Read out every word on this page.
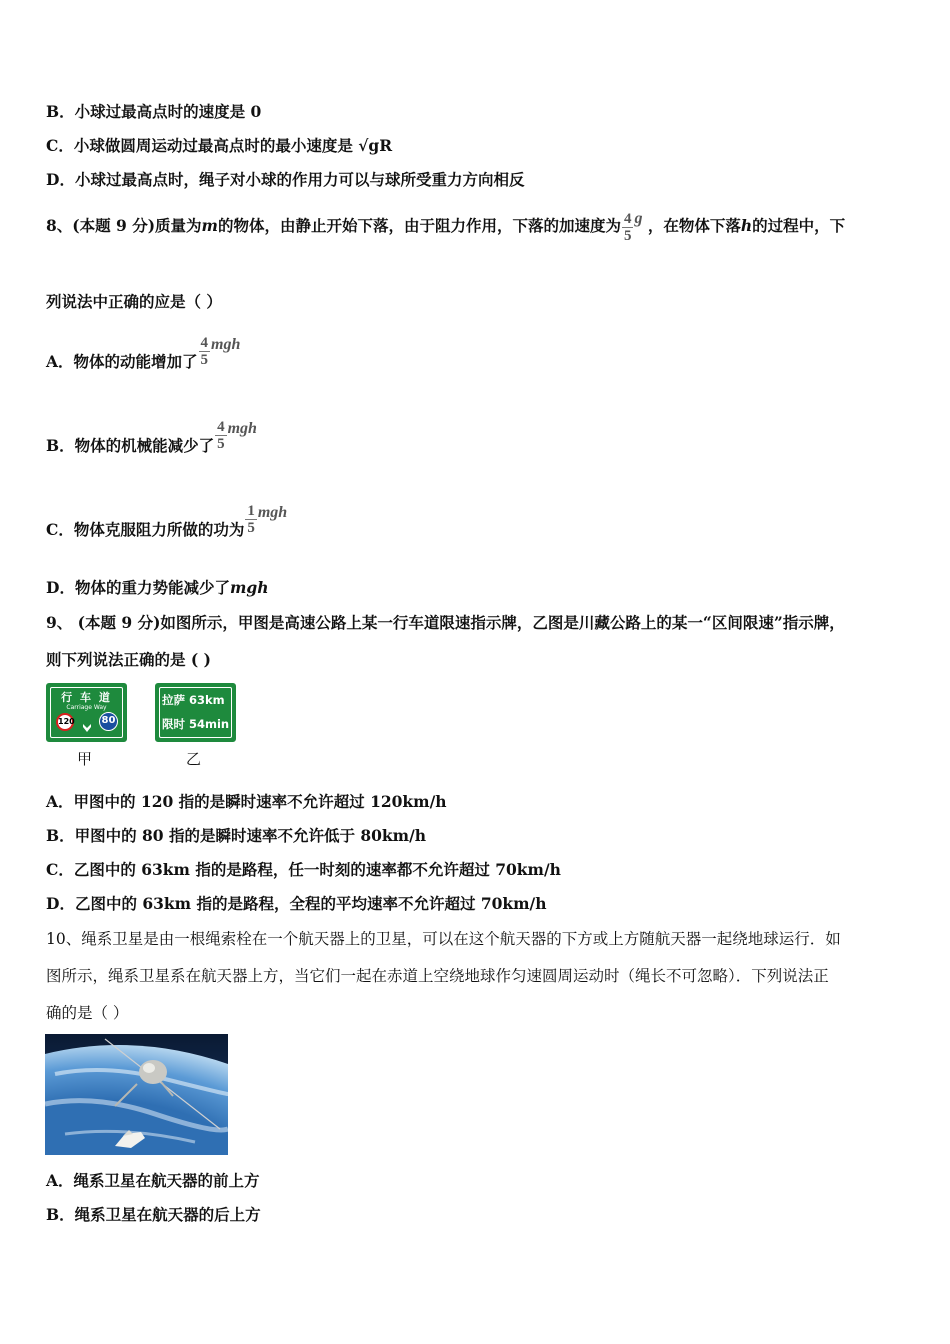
B．小球过最高点时的速度是 0
C．小球做圆周运动过最高点时的最小速度是 √gR
D．小球过最高点时，绳子对小球的作用力可以与球所受重力方向相反
8、(本题 9 分)质量为m的物体，由静止开始下落，由于阻力作用，下落的加速度为 $\frac{4}{5}$ g ，在物体下落h的过程中，下
列说法中正确的应是（ ）
A．物体的动能增加了 $\frac{4}{5}$ mgh
B．物体的机械能减少了 $\frac{4}{5}$ mgh
C．物体克服阻力所做的功为 $\frac{1}{5}$ mgh
D．物体的重力势能减少了mgh
9、 (本题 9 分)如图所示，甲图是高速公路上某一行车道限速指示牌，乙图是川藏公路上的某一“区间限速”指示牌，
则下列说法正确的是 ( )
行 车 道
Carriage Way
120	80
甲
拉萨 63km
限时 54min
乙
A．甲图中的 120 指的是瞬时速率不允许超过 120km/h
B．甲图中的 80 指的是瞬时速率不允许低于 80km/h
C．乙图中的 63km 指的是路程，任一时刻的速率都不允许超过 70km/h
D．乙图中的 63km 指的是路程，全程的平均速率不允许超过 70km/h
10、绳系卫星是由一根绳索栓在一个航天器上的卫星，可以在这个航天器的下方或上方随航天器一起绕地球运行．如
图所示，绳系卫星系在航天器上方，当它们一起在赤道上空绕地球作匀速圆周运动时（绳长不可忽略）．下列说法正
确的是（ ）
A．绳系卫星在航天器的前上方
B．绳系卫星在航天器的后上方
